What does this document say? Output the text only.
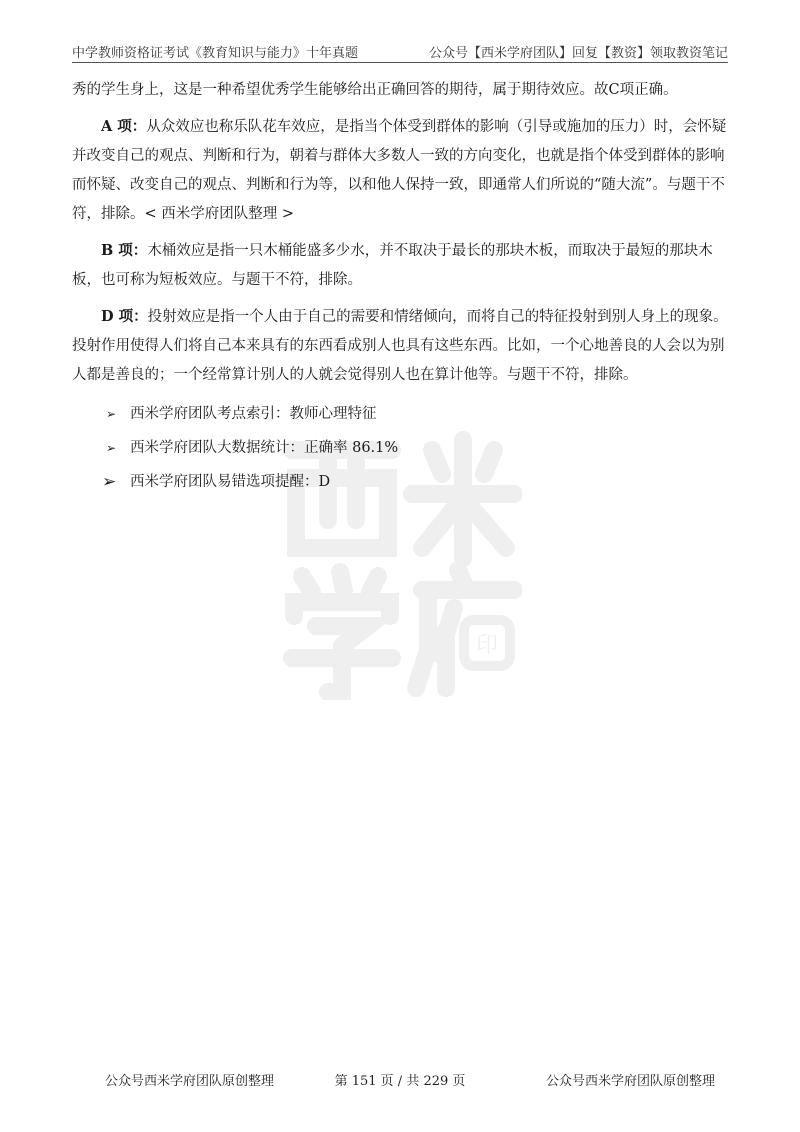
中学教师资格证考试《教育知识与能力》十年真题	公众号【西米学府团队】回复【教资】领取教资笔记
印

秀的学生身上，这是一种希望优秀学生能够给出正确回答的期待，属于期待效应。故C项正确。

A 项：从众效应也称乐队花车效应，是指当个体受到群体的影响（引导或施加的压力）时，会怀疑并改变自己的观点、判断和行为，朝着与群体大多数人一致的方向变化，也就是指个体受到群体的影响而怀疑、改变自己的观点、判断和行为等，以和他人保持一致，即通常人们所说的“随大流”。与题干不符，排除。< 西米学府团队整理 >

B 项：木桶效应是指一只木桶能盛多少水，并不取决于最长的那块木板，而取决于最短的那块木板，也可称为短板效应。与题干不符，排除。

D 项：投射效应是指一个人由于自己的需要和情绪倾向，而将自己的特征投射到别人身上的现象。投射作用使得人们将自己本来具有的东西看成别人也具有这些东西。比如，一个心地善良的人会以为别人都是善良的；一个经常算计别人的人就会觉得别人也在算计他等。与题干不符，排除。

➢ 西米学府团队考点索引：教师心理特征
➢ 西米学府团队大数据统计：正确率 86.1%
➢ 西米学府团队易错选项提醒：D
公众号西米学府团队原创整理	第 151 页 / 共 229 页	公众号西米学府团队原创整理
